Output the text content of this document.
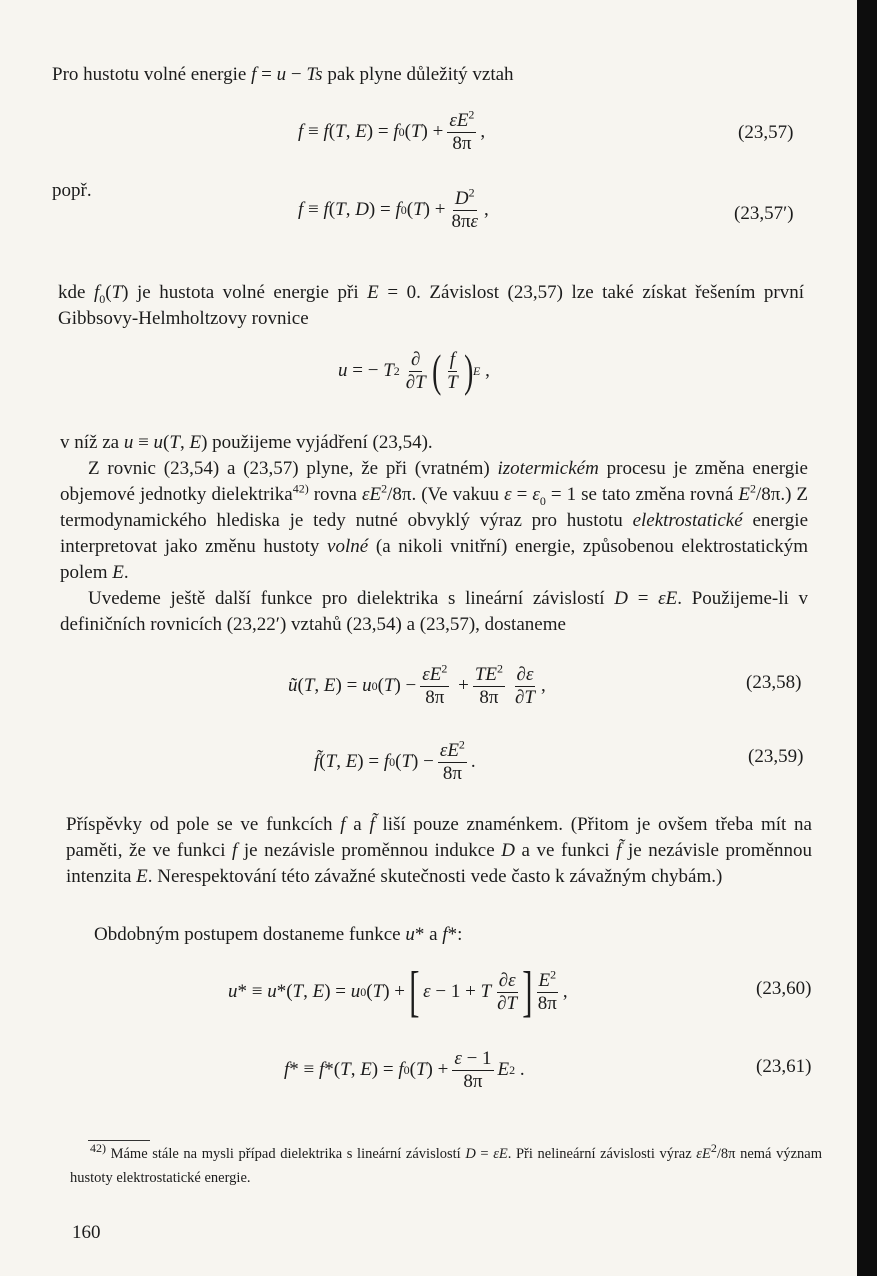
Pro hustotu volné energie f = u − Ts pak plyne důležitý vztah

f ≡ f ( T , E ) = f 0 ( T ) + $\frac{\varepsilon E^2}{8\pi}$ ,	(23,57)
popř.
f ≡ f ( T , D ) = f 0 ( T ) + $\frac{D^2}{8\pi\varepsilon}$ ,	(23,57′)

kde $f_0(T)$ je hustota volné energie při E = 0. Závislost (23,57) lze také získat řešením první Gibbsovy-Helmholtzovy rovnice

u = − T $2 \frac{\partial}{\partial T}$ ( $\frac{f}{T}$ ) E ,

v níž za u ≡ u(T, E) použijeme vyjádření (23,54).

Z rovnic (23,54) a (23,57) plyne, že při (vratném) izotermickém procesu je změna energie objemové jednotky dielektrika$^{42)}$ rovna $\varepsilon E^2/8\pi$. (Ve vakuu $\varepsilon = \varepsilon_0 = 1$ se tato změna rovná $E^2/8\pi$.) Z termodynamického hlediska je tedy nutné obvyklý výraz pro hustotu elektrostatické energie interpretovat jako změnu hustoty volné (a nikoli vnitřní) energie, způsobenou elektrostatickým polem E.

Uvedeme ještě další funkce pro dielektrika s lineární závislostí D = εE. Použijeme-li v definičních rovnicích (23,22′) vztahů (23,54) a (23,57), dostaneme

ũ ( T , E ) = u 0 ( T ) − $\frac{\varepsilon E^2}{8\pi} + \frac{TE^2}{8\pi} \frac{\partial\varepsilon}{\partial T}$ ,	(23,58)
f̃ ( T , E ) = f 0 ( T ) − $\frac{\varepsilon E^2}{8\pi}$ .	(23,59)

Příspěvky od pole se ve funkcích f a f̃ liší pouze znaménkem. (Přitom je ovšem třeba mít na paměti, že ve funkci f je nezávisle proměnnou indukce D a ve funkci f̃ je nezávisle proměnnou intenzita E. Nerespektování této závažné skutečnosti vede často k závažným chybám.)

Obdobným postupem dostaneme funkce u* a f*:

u * ≡ u *( T , E ) = u 0 ( T ) + [
ε − 1 + T $\frac{\partial\varepsilon}{\partial T}$ ] $\frac{E^2}{8\pi}$ ,	(23,60)
f * ≡ f *( T , E ) = f 0 ( T ) + $\frac{\varepsilon - 1}{8\pi}$ E 2 .	(23,61)
$^{42)}$ Máme stále na mysli případ dielektrika s lineární závislostí D = εE. Při nelineární závislosti výraz $\varepsilon E^2/8\pi$ nemá význam hustoty elektrostatické energie.
160
